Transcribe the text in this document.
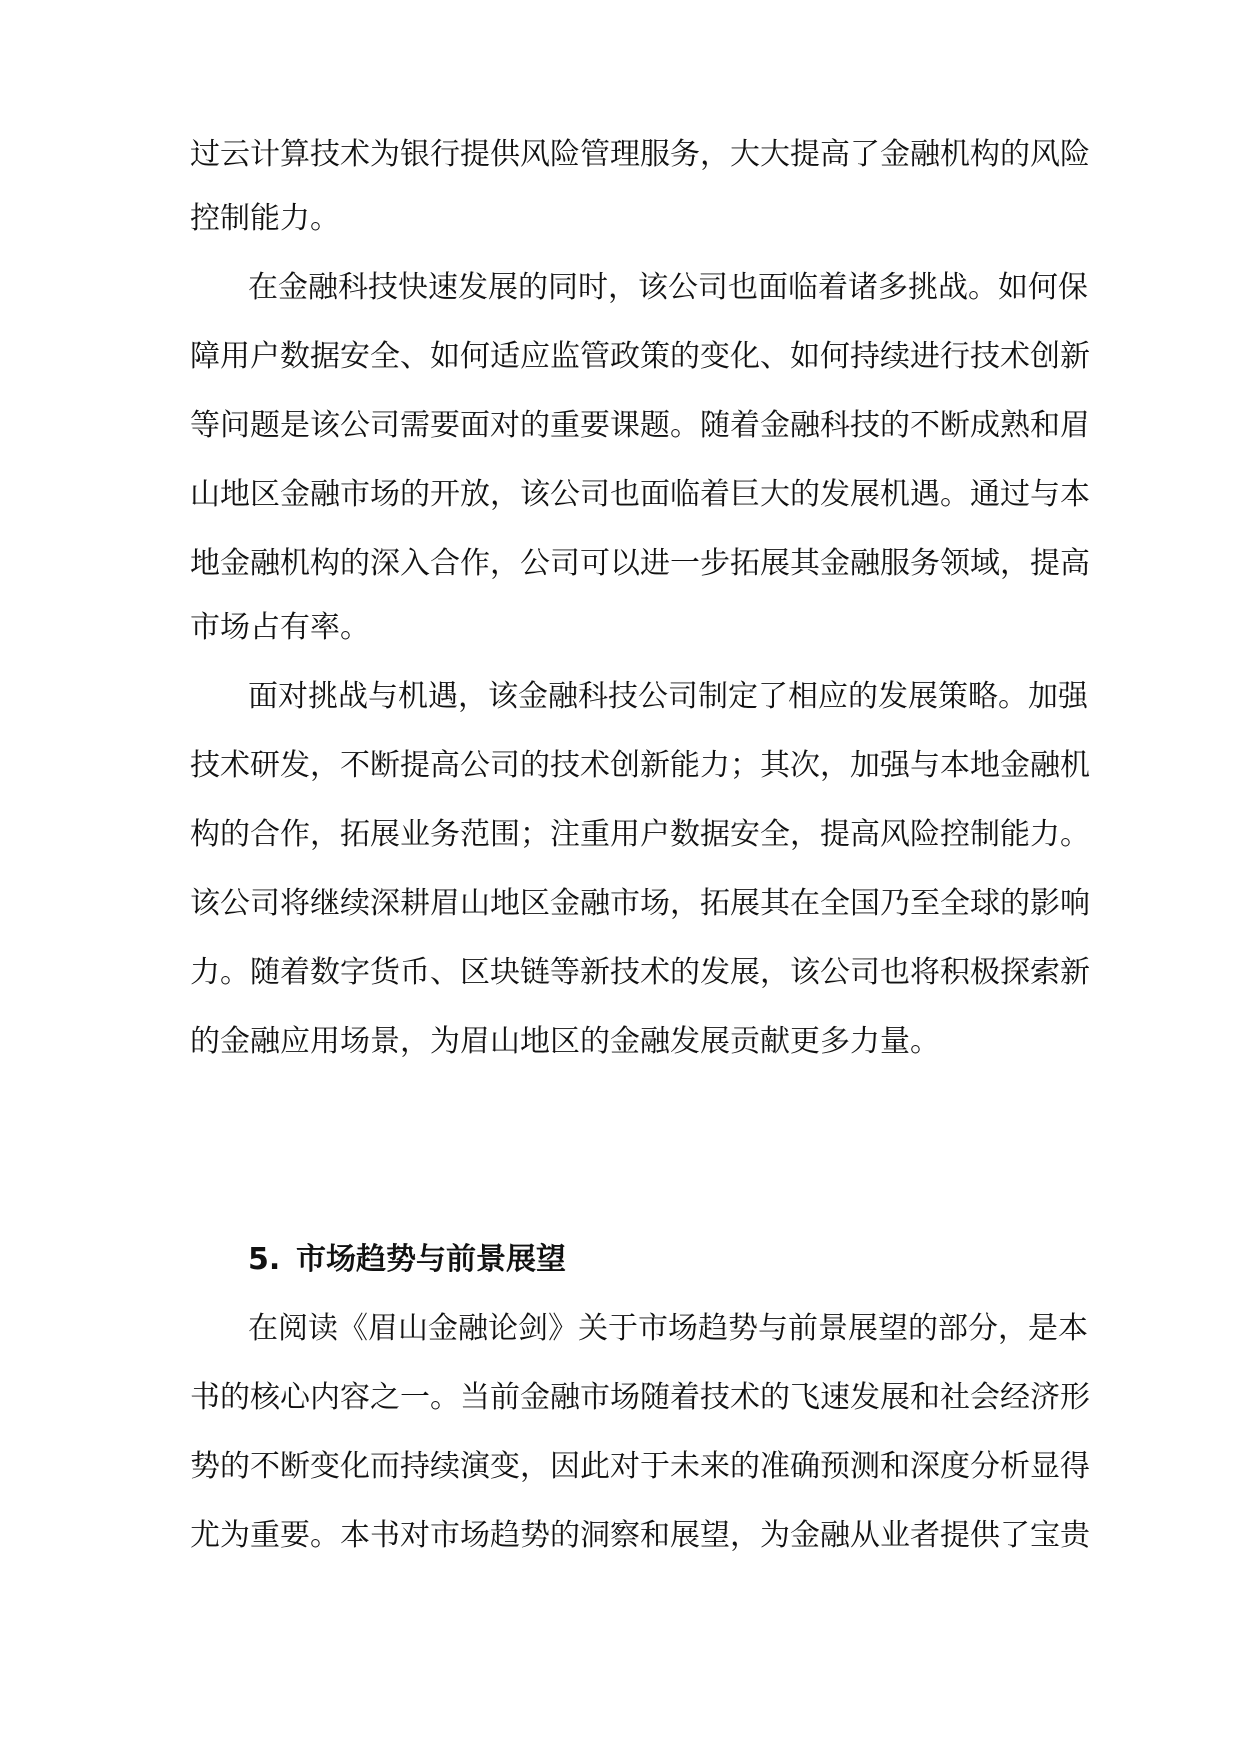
过云计算技术为银行提供风险管理服务，大大提高了金融机构的风险
控制能力。
在金融科技快速发展的同时，该公司也面临着诸多挑战。如何保
障用户数据安全、如何适应监管政策的变化、如何持续进行技术创新
等问题是该公司需要面对的重要课题。随着金融科技的不断成熟和眉
山地区金融市场的开放，该公司也面临着巨大的发展机遇。通过与本
地金融机构的深入合作，公司可以进一步拓展其金融服务领域，提高
市场占有率。
面对挑战与机遇，该金融科技公司制定了相应的发展策略。加强
技术研发，不断提高公司的技术创新能力；其次，加强与本地金融机
构的合作，拓展业务范围；注重用户数据安全，提高风险控制能力。
该公司将继续深耕眉山地区金融市场，拓展其在全国乃至全球的影响
力。随着数字货币、区块链等新技术的发展，该公司也将积极探索新
的金融应用场景，为眉山地区的金融发展贡献更多力量。
5. 市场趋势与前景展望
在阅读《眉山金融论剑》关于市场趋势与前景展望的部分，是本
书的核心内容之一。当前金融市场随着技术的飞速发展和社会经济形
势的不断变化而持续演变，因此对于未来的准确预测和深度分析显得
尤为重要。本书对市场趋势的洞察和展望，为金融从业者提供了宝贵
